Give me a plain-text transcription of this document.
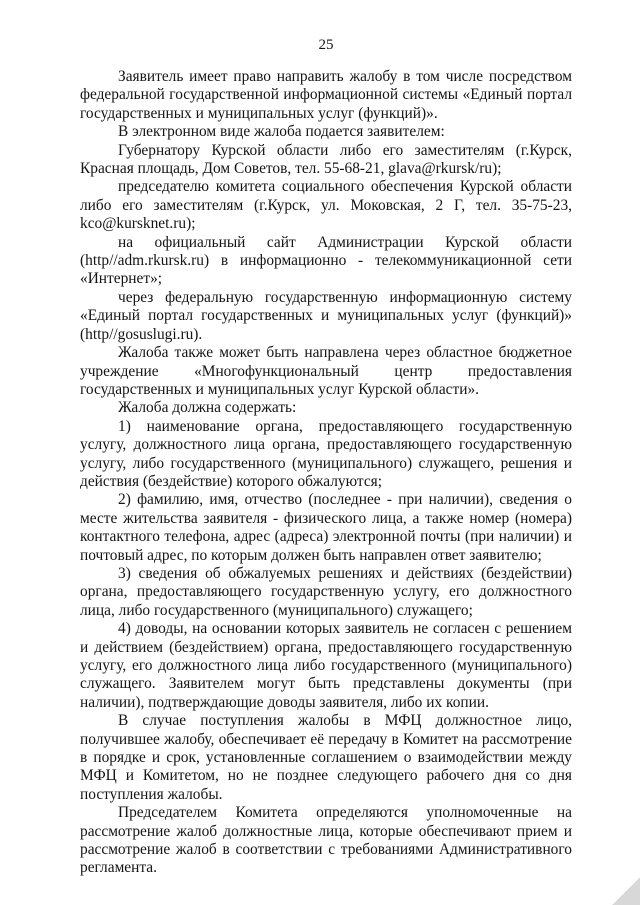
25

Заявитель имеет право направить жалобу в том числе посредством федеральной государственной информационной системы «Единый портал государственных и муниципальных услуг (функций)».

В электронном виде жалоба подается заявителем:

Губернатору Курской области либо его заместителям (г.Курск, Красная площадь, Дом Советов, тел. 55-68-21, glava@rkursk/ru);

председателю комитета социального обеспечения Курской области либо его заместителям (г.Курск, ул. Моковская, 2 Г, тел. 35-75-23, kco@kursknet.ru);

на официальный сайт Администрации Курской области (http//adm.rkursk.ru) в информационно - телекоммуникационной сети «Интернет»;

через федеральную государственную информационную систему «Единый портал государственных и муниципальных услуг (функций)» (http//gosuslugi.ru).

Жалоба также может быть направлена через областное бюджетное учреждение «Многофункциональный центр предоставления государственных и муниципальных услуг Курской области».

Жалоба должна содержать:

1) наименование органа, предоставляющего государственную услугу, должностного лица органа, предоставляющего государственную услугу, либо государственного (муниципального) служащего, решения и действия (бездействие) которого обжалуются;

2) фамилию, имя, отчество (последнее - при наличии), сведения о месте жительства заявителя - физического лица, а также номер (номера) контактного телефона, адрес (адреса) электронной почты (при наличии) и почтовый адрес, по которым должен быть направлен ответ заявителю;

3) сведения об обжалуемых решениях и действиях (бездействии) органа, предоставляющего государственную услугу, его должностного лица, либо государственного (муниципального) служащего;

4) доводы, на основании которых заявитель не согласен с решением и действием (бездействием) органа, предоставляющего государственную услугу, его должностного лица либо государственного (муниципального) служащего. Заявителем могут быть представлены документы (при наличии), подтверждающие доводы заявителя, либо их копии.

В случае поступления жалобы в МФЦ должностное лицо, получившее жалобу, обеспечивает её передачу в Комитет на рассмотрение в порядке и срок, установленные соглашением о взаимодействии между МФЦ и Комитетом, но не позднее следующего рабочего дня со дня поступления жалобы.

Председателем Комитета определяются уполномоченные на рассмотрение жалоб должностные лица, которые обеспечивают прием и рассмотрение жалоб в соответствии с требованиями Административного регламента.
